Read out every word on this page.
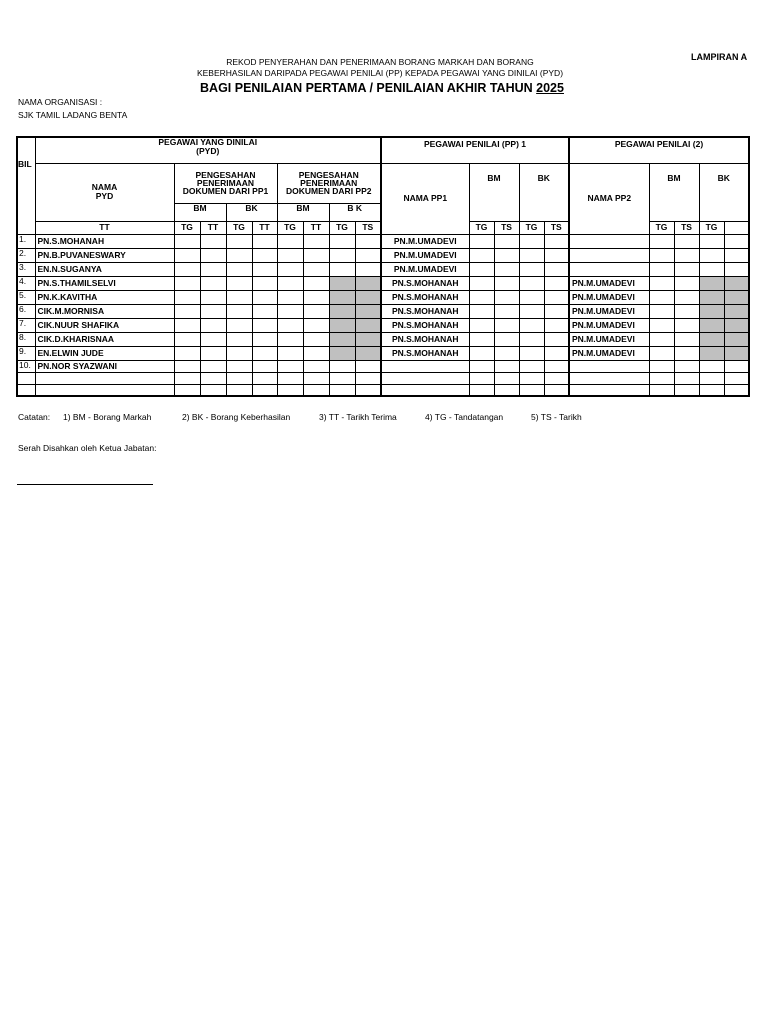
LAMPIRAN A
REKOD PENYERAHAN DAN PENERIMAAN BORANG MARKAH DAN BORANG
KEBERHASILAN DARIPADA PEGAWAI PENILAI (PP) KEPADA PEGAWAI YANG DINILAI (PYD)
BAGI PENILAIAN PERTAMA / PENILAIAN AKHIR TAHUN 2025
NAMA ORGANISASI :
SJK TAMIL LADANG BENTA
BIL	PEGAWAI YANG DINILAI
(PYD)									PEGAWAI PENILAI (PP) 1					PEGAWAI PENILAI (2)				

	NAMA
PYD	PENGESAHAN PENERIMAAN DOKUMEN DARI PP1				PENGESAHAN PENERIMAAN DOKUMEN DARI PP2				NAMA PP1	BM		BK		NAMA PP2	BM		BK	
		BM		BK		BM		B K											

	TT	TG	TT	TG	TT	TG	TT	TG	TS		TG	TS	TG	TS		TG	TS	TG	
1.	PN.S.MOHANAH									PN.M.UMADEVI									
2.	PN.B.PUVANESWARY									PN.M.UMADEVI									
3.	EN.N.SUGANYA									PN.M.UMADEVI									
4.	PN.S.THAMILSELVI									PN.S.MOHANAH					PN.M.UMADEVI				
5.	PN.K.KAVITHA									PN.S.MOHANAH					PN.M.UMADEVI				
6.	CIK.M.MORNISA									PN.S.MOHANAH					PN.M.UMADEVI				
7.	CIK.NUUR SHAFIKA									PN.S.MOHANAH					PN.M.UMADEVI				
8.	CIK.D.KHARISNAA									PN.S.MOHANAH					PN.M.UMADEVI				
9.	EN.ELWIN JUDE									PN.S.MOHANAH					PN.M.UMADEVI				
10.	PN.NOR SYAZWANI																		

Catatan: 1) BM - Borang Markah	2) BK - Borang Keberhasilan	3) TT - Tarikh Terima	4) TG - Tandatangan	5) TS - Tarikh
Serah Disahkan oleh Ketua Jabatan:
